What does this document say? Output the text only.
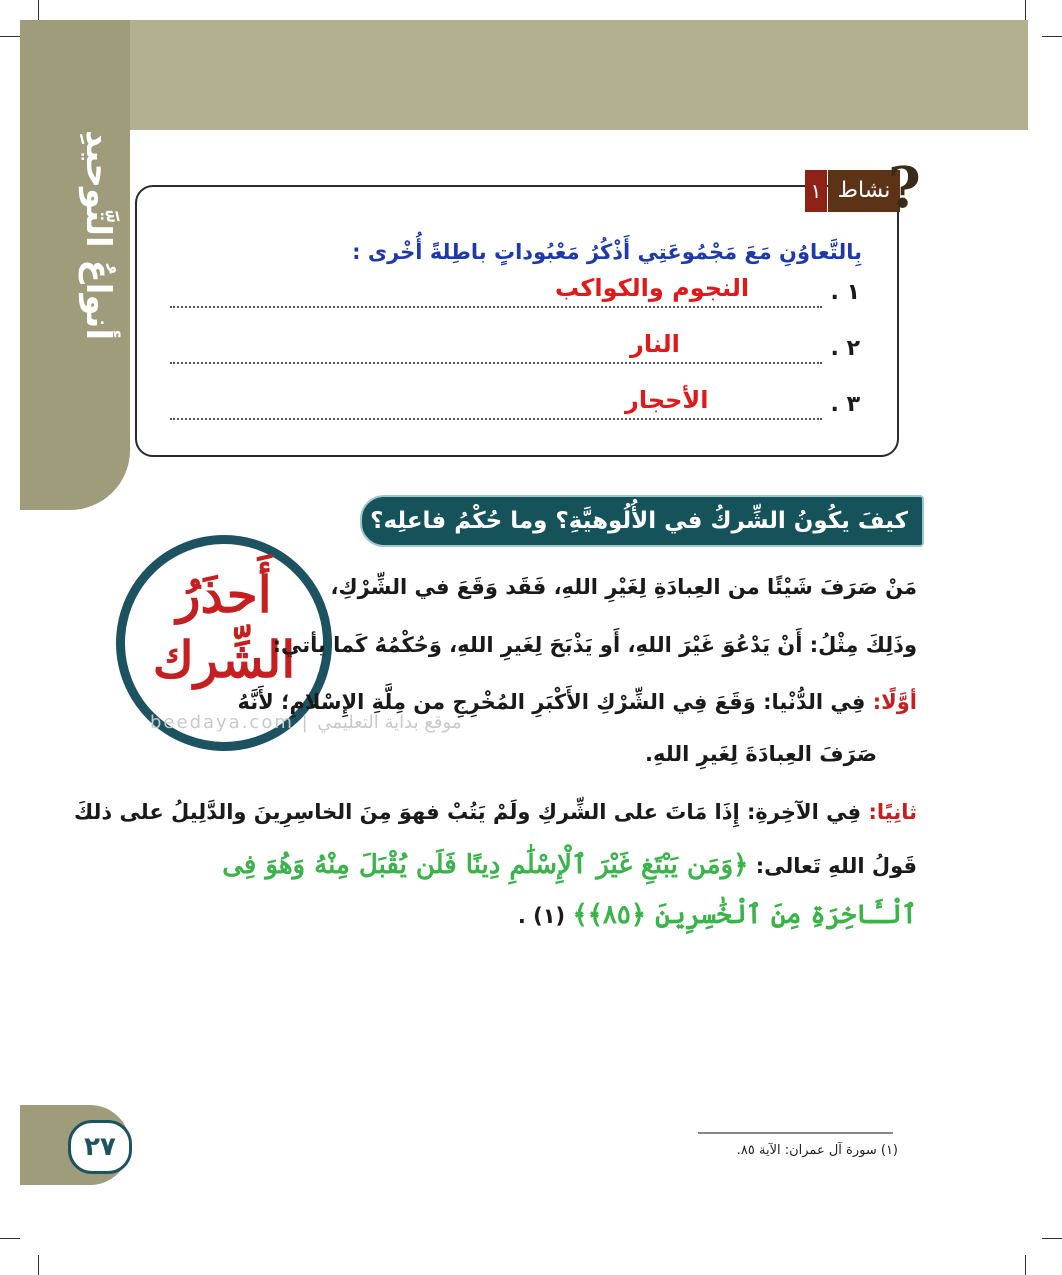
أنواعُ التَّوحيدِ	١ نشاط
?
بِالتَّعاوُنِ مَعَ مَجْمُوعَتِي أَذْكُرُ مَعْبُوداتٍ باطِلةً أُخْرى :
١ .
النجوم والكواكب
٢ .
النار
٣ .
الأحجار
كيفَ يكُونُ الشِّركُ في الأُلُوهيَّةِ؟ وما حُكْمُ فاعلِه؟
أَحذَرُ
الشِّرك
مَنْ صَرَفَ شَيْئًا من العِبادَةِ لِغَيْرِ اللهِ، فَقَد وَقَعَ في الشِّرْكِ،
وذَلِكَ مِثْلُ: أَنْ يَدْعُوَ غَيْرَ اللهِ، أَو يَذْبَحَ لِغَيرِ اللهِ، وَحُكْمُهُ كَما يأتي:
أوَّلًا: فِي الدُّنْيا: وَقَعَ فِي الشِّرْكِ الأَكْبَرِ المُخْرِجِ من مِلَّةِ الإِسْلامِ؛ لأَنَّهُ
beedaya.com | موقع بداية التعليمي
صَرَفَ العِبادَةَ لِغَيرِ اللهِ.
ثانِيًا: فِي الآخِرةِ: إِذَا مَاتَ على الشِّركِ ولَمْ يَتُبْ فهوَ مِنَ الخاسِرِينَ والدَّلِيلُ على ذلكَ
قَولُ اللهِ تَعالى: ﴿وَمَن يَبْتَغِ غَيْرَ ٱلْإِسْلَٰمِ دِينًا فَلَن يُقْبَلَ مِنْهُ وَهُوَ فِى
ٱلْـَٔاخِرَةِ مِنَ ٱلْخَٰسِرِينَ ﴿٨٥﴾﴾ (١) .
٢٧	(١) سورة آل عمران: الآية ٨٥.
